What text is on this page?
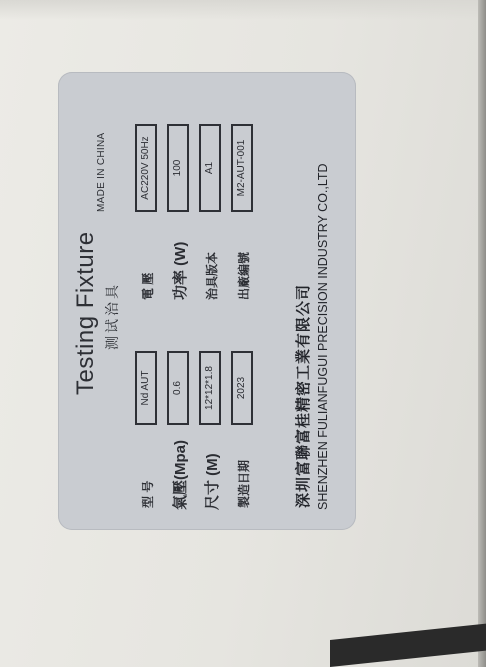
Testing Fixture 测试治具
MADE IN CHINA
型 号
Nd AUT
電 壓
AC220V 50Hz
氣壓(Mpa)
0.6
功率 (W)
100
尺寸 (M)
12*12*1.8
治具版本
A1
製造日期
2023
出廠編號
M2-AUT-001
深圳富聯富桂精密工業有限公司 SHENZHEN FULIANFUGUI PRECISION INDUSTRY CO.,LTD
